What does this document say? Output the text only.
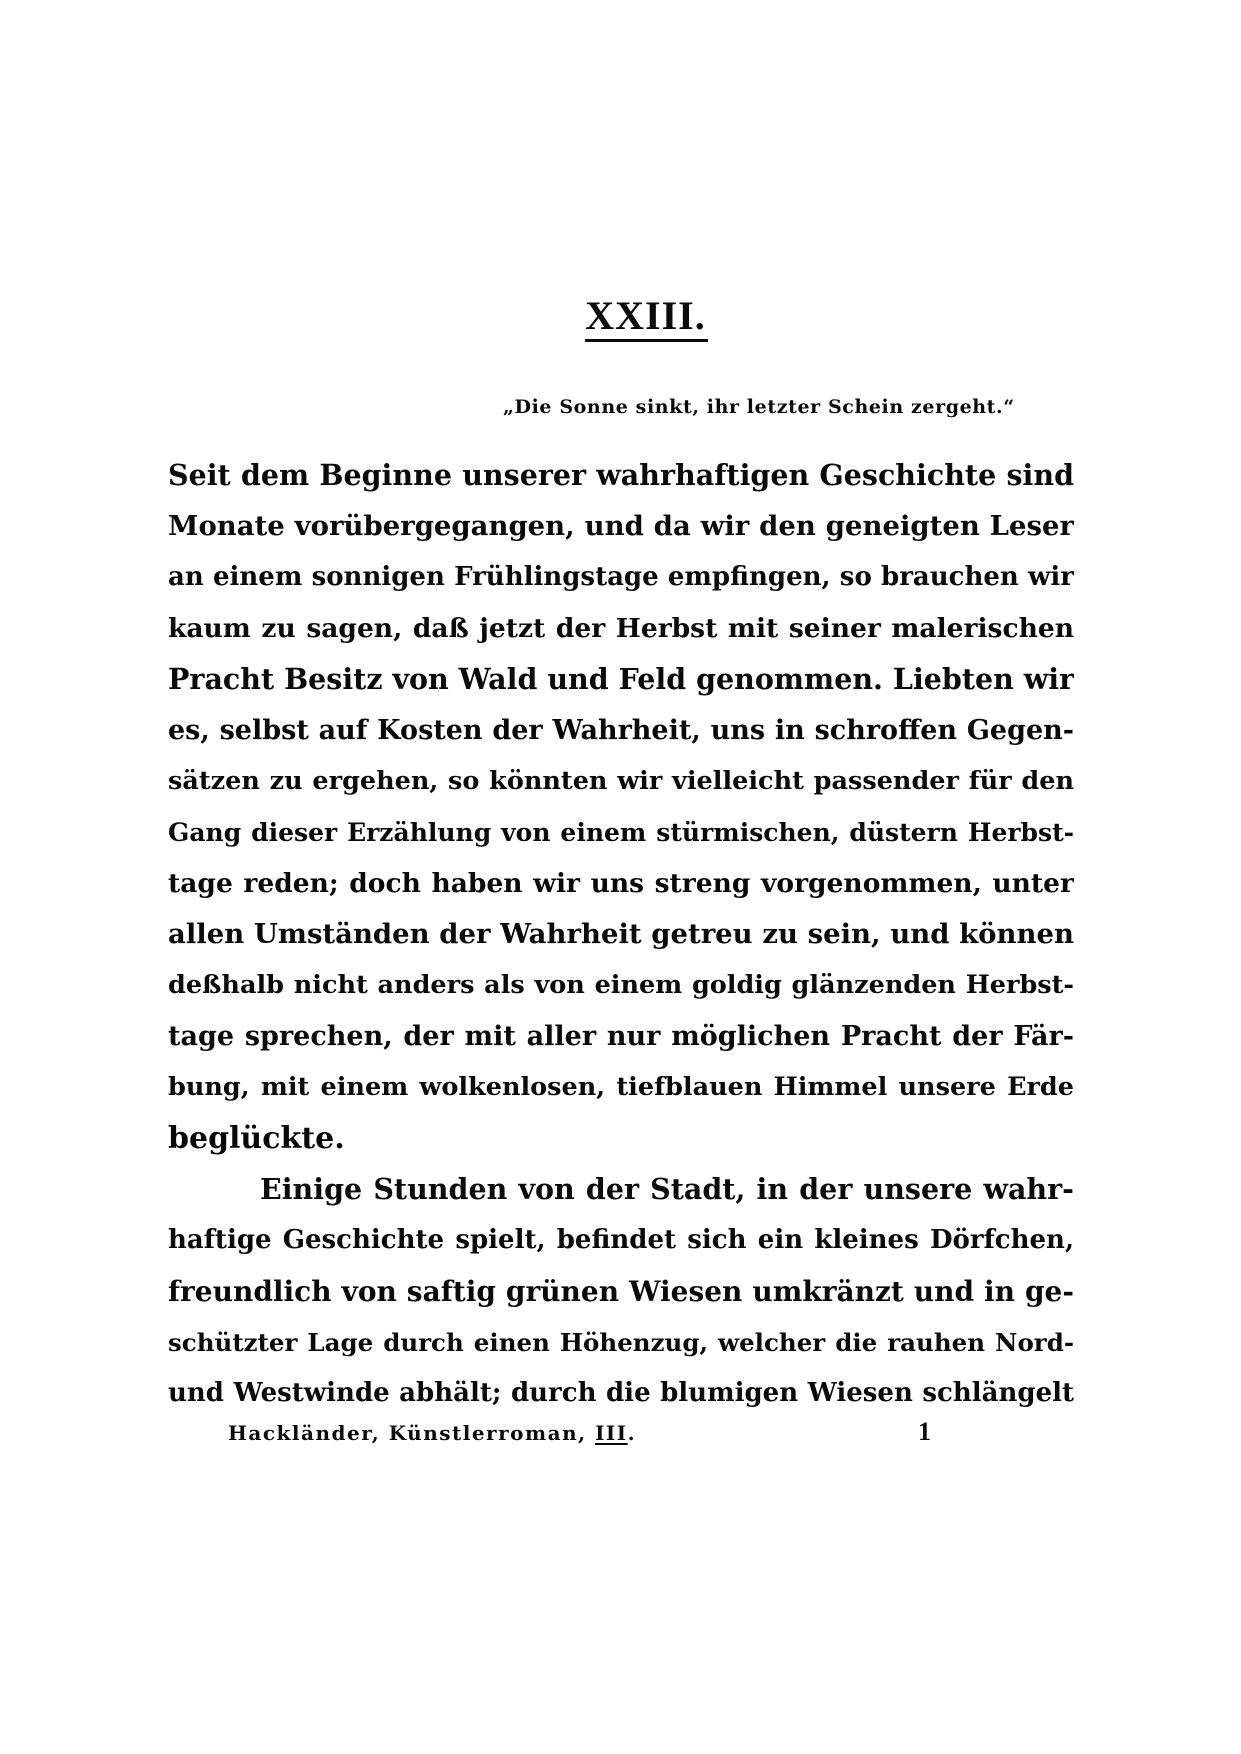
XXIII.
„Die Sonne sinkt, ihr letzter Schein zergeht.“
Seit dem Beginne unserer wahrhaftigen Geschichte sind
Monate vorübergegangen, und da wir den geneigten Leser
an einem sonnigen Frühlingstage empfingen, so brauchen wir
kaum zu sagen, daß jetzt der Herbst mit seiner malerischen
Pracht Besitz von Wald und Feld genommen. Liebten wir
es, selbst auf Kosten der Wahrheit, uns in schroffen Gegen-
sätzen zu ergehen, so könnten wir vielleicht passender für den
Gang dieser Erzählung von einem stürmischen, düstern Herbst-
tage reden; doch haben wir uns streng vorgenommen, unter
allen Umständen der Wahrheit getreu zu sein, und können
deßhalb nicht anders als von einem goldig glänzenden Herbst-
tage sprechen, der mit aller nur möglichen Pracht der Fär-
bung, mit einem wolkenlosen, tiefblauen Himmel unsere Erde
beglückte.
Einige Stunden von der Stadt, in der unsere wahr-
haftige Geschichte spielt, befindet sich ein kleines Dörfchen,
freundlich von saftig grünen Wiesen umkränzt und in ge-
schützter Lage durch einen Höhenzug, welcher die rauhen Nord-
und Westwinde abhält; durch die blumigen Wiesen schlängelt
Hackländer, Künstlerroman, III.	1
